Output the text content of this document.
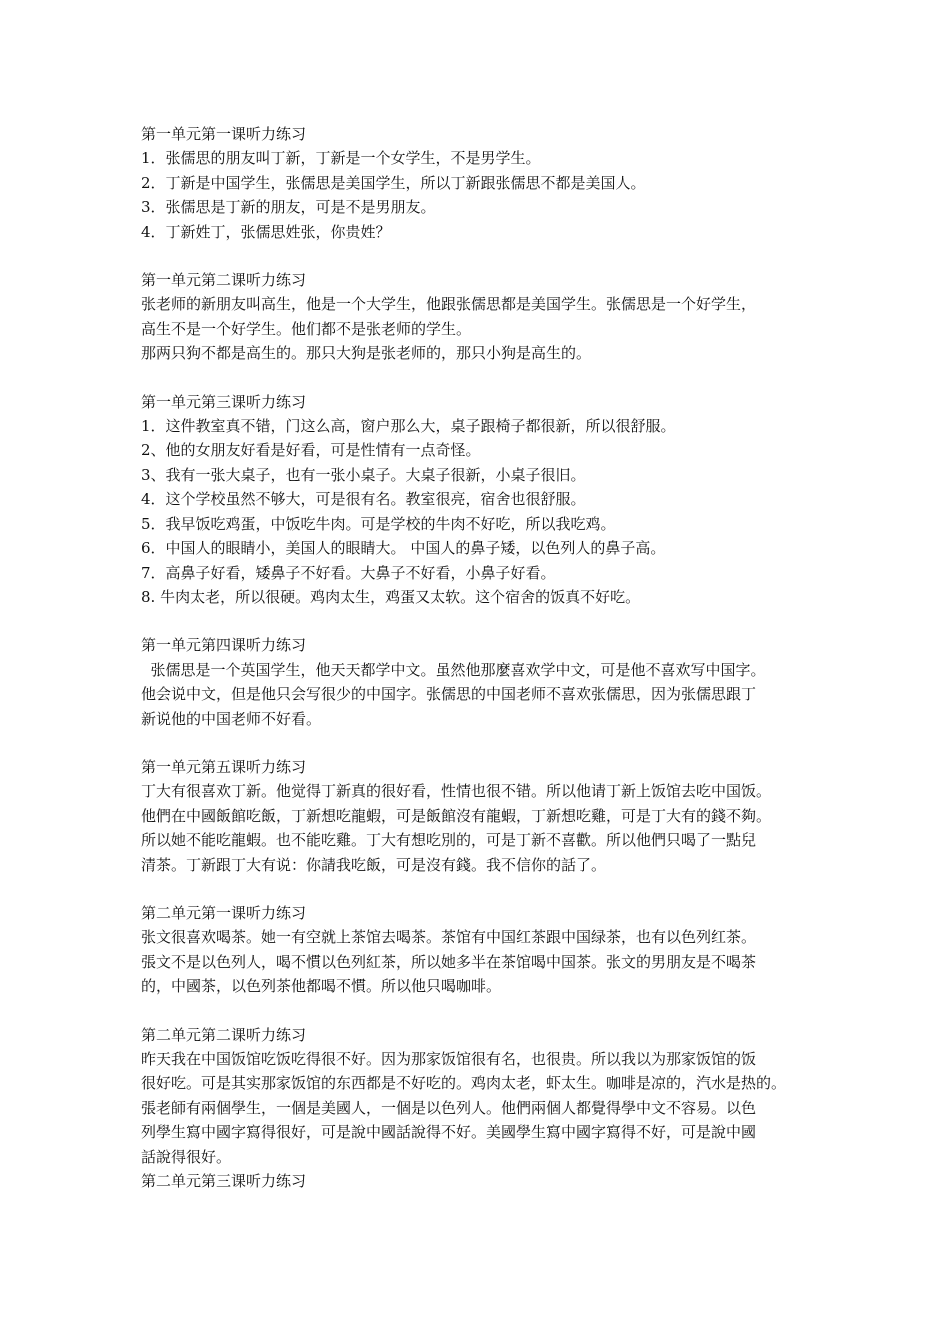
第一单元第一课听力练习
1．张儒思的朋友叫丁新，丁新是一个女学生，不是男学生。
2．丁新是中国学生，张儒思是美国学生，所以丁新跟张儒思不都是美国人。
3．张儒思是丁新的朋友，可是不是男朋友。
4．丁新姓丁，张儒思姓张，你贵姓？
第一单元第二课听力练习
张老师的新朋友叫高生，他是一个大学生，他跟张儒思都是美国学生。张儒思是一个好学生，
高生不是一个好学生。他们都不是张老师的学生。
那两只狗不都是高生的。那只大狗是张老师的，那只小狗是高生的。
第一单元第三课听力练习
1．这件教室真不错，门这么高，窗户那么大，桌子跟椅子都很新，所以很舒服。
2、他的女朋友好看是好看，可是性情有一点奇怪。
3、我有一张大桌子，也有一张小桌子。大桌子很新，小桌子很旧。
4．这个学校虽然不够大，可是很有名。教室很亮，宿舍也很舒服。
5．我早饭吃鸡蛋，中饭吃牛肉。可是学校的牛肉不好吃，所以我吃鸡。
6．中国人的眼睛小，美国人的眼睛大。 中国人的鼻子矮，以色列人的鼻子高。
7．高鼻子好看，矮鼻子不好看。大鼻子不好看，小鼻子好看。
8. 牛肉太老，所以很硬。鸡肉太生，鸡蛋又太软。这个宿舍的饭真不好吃。
第一单元第四课听力练习
张儒思是一个英国学生，他天天都学中文。虽然他那麼喜欢学中文，可是他不喜欢写中国字。
他会说中文，但是他只会写很少的中国字。张儒思的中国老师不喜欢张儒思，因为张儒思跟丁
新说他的中国老师不好看。
第一单元第五课听力练习
丁大有很喜欢丁新。他觉得丁新真的很好看，性情也很不错。所以他请丁新上饭馆去吃中国饭。
他們在中國飯館吃飯，丁新想吃龍蝦，可是飯館沒有龍蝦，丁新想吃雞，可是丁大有的錢不夠。
所以她不能吃龍蝦。也不能吃雞。丁大有想吃別的，可是丁新不喜歡。所以他們只喝了一點兒
清茶。丁新跟丁大有说：你請我吃飯，可是沒有錢。我不信你的話了。
第二单元第一课听力练习
张文很喜欢喝茶。她一有空就上茶馆去喝茶。茶馆有中国红茶跟中国绿茶，也有以色列红茶。
張文不是以色列人，喝不慣以色列紅茶，所以她多半在茶馆喝中国茶。张文的男朋友是不喝茶
的，中國茶，以色列茶他都喝不慣。所以他只喝咖啡。
第二单元第二课听力练习
昨天我在中国饭馆吃饭吃得很不好。因为那家饭馆很有名，也很贵。所以我以为那家饭馆的饭
很好吃。可是其实那家饭馆的东西都是不好吃的。鸡肉太老，虾太生。咖啡是凉的，汽水是热的。
張老師有兩個學生，一個是美國人，一個是以色列人。他們兩個人都覺得學中文不容易。以色
列學生寫中國字寫得很好，可是說中國話說得不好。美國學生寫中國字寫得不好，可是說中國
話說得很好。
第二单元第三课听力练习
